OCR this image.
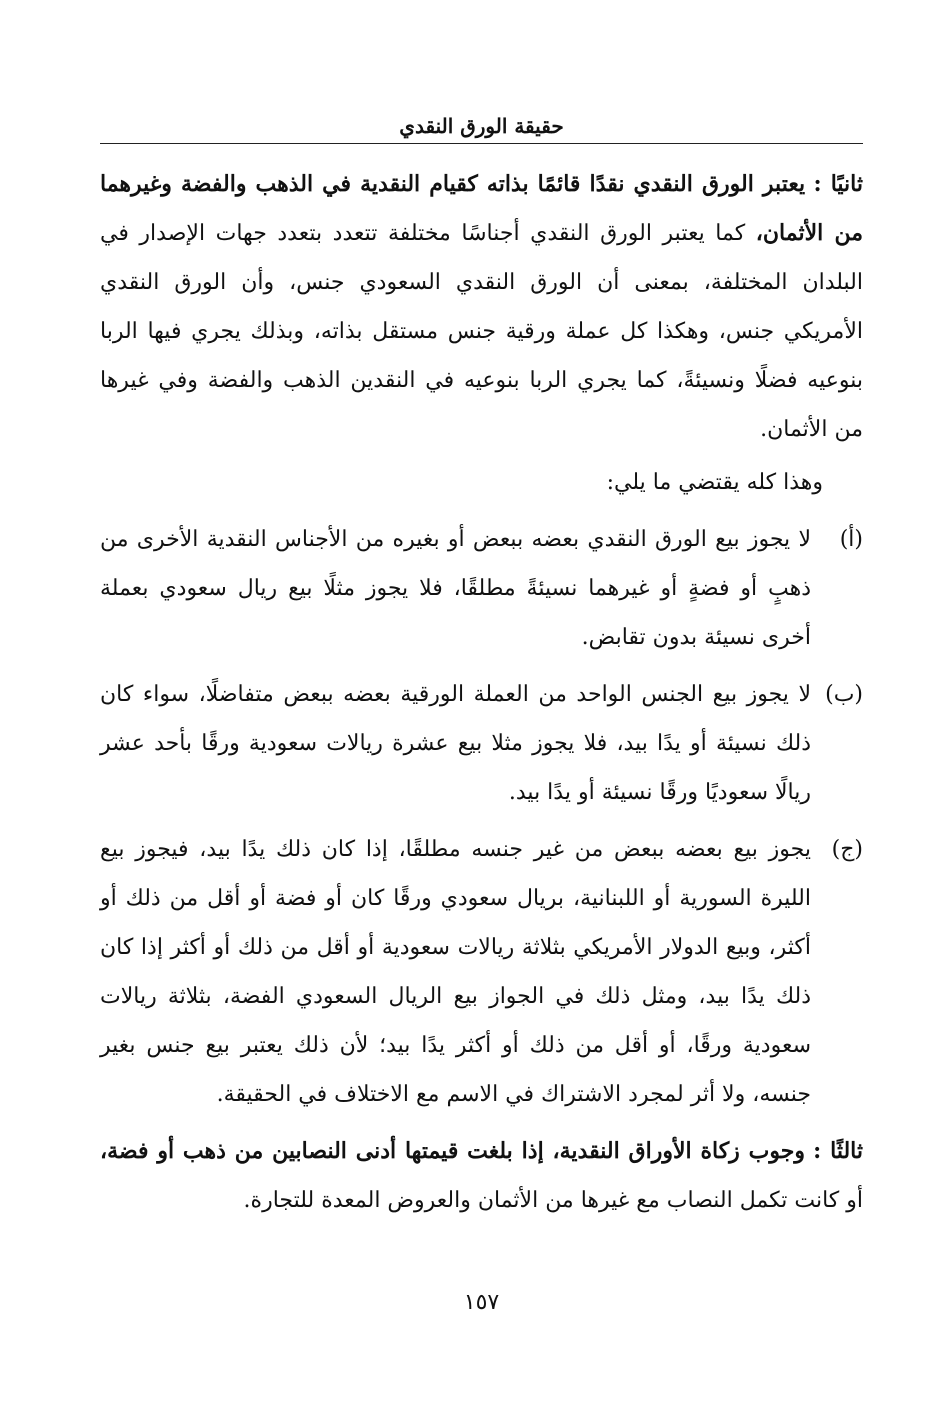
حقيقة الورق النقدي

ثانيًا : يعتبر الورق النقدي نقدًا قائمًا بذاته كقيام النقدية في الذهب والفضة وغيرهما من الأثمان، كما يعتبر الورق النقدي أجناسًا مختلفة تتعدد بتعدد جهات الإصدار في البلدان المختلفة، بمعنى أن الورق النقدي السعودي جنس، وأن الورق النقدي الأمريكي جنس، وهكذا كل عملة ورقية جنس مستقل بذاته، وبذلك يجري فيها الربا بنوعيه فضلًا ونسيئةً، كما يجري الربا بنوعيه في النقدين الذهب والفضة وفي غيرها من الأثمان.

وهذا كله يقتضي ما يلي:

(أ)
لا يجوز بيع الورق النقدي بعضه ببعض أو بغيره من الأجناس النقدية الأخرى من ذهبٍ أو فضةٍ أو غيرهما نسيئةً مطلقًا، فلا يجوز مثلًا بيع ريال سعودي بعملة أخرى نسيئة بدون تقابض.
(ب)
لا يجوز بيع الجنس الواحد من العملة الورقية بعضه ببعض متفاضلًا، سواء كان ذلك نسيئة أو يدًا بيد، فلا يجوز مثلا بيع عشرة ريالات سعودية ورقًا بأحد عشر ريالًا سعوديًا ورقًا نسيئة أو يدًا بيد.
(ج)
يجوز بيع بعضه ببعض من غير جنسه مطلقًا، إذا كان ذلك يدًا بيد، فيجوز بيع الليرة السورية أو اللبنانية، بريال سعودي ورقًا كان أو فضة أو أقل من ذلك أو أكثر، وبيع الدولار الأمريكي بثلاثة ريالات سعودية أو أقل من ذلك أو أكثر إذا كان ذلك يدًا بيد، ومثل ذلك في الجواز بيع الريال السعودي الفضة، بثلاثة ريالات سعودية ورقًا، أو أقل من ذلك أو أكثر يدًا بيد؛ لأن ذلك يعتبر بيع جنس بغير جنسه، ولا أثر لمجرد الاشتراك في الاسم مع الاختلاف في الحقيقة.

ثالثًا : وجوب زكاة الأوراق النقدية، إذا بلغت قيمتها أدنى النصابين من ذهب أو فضة، أو كانت تكمل النصاب مع غيرها من الأثمان والعروض المعدة للتجارة.

١٥٧
